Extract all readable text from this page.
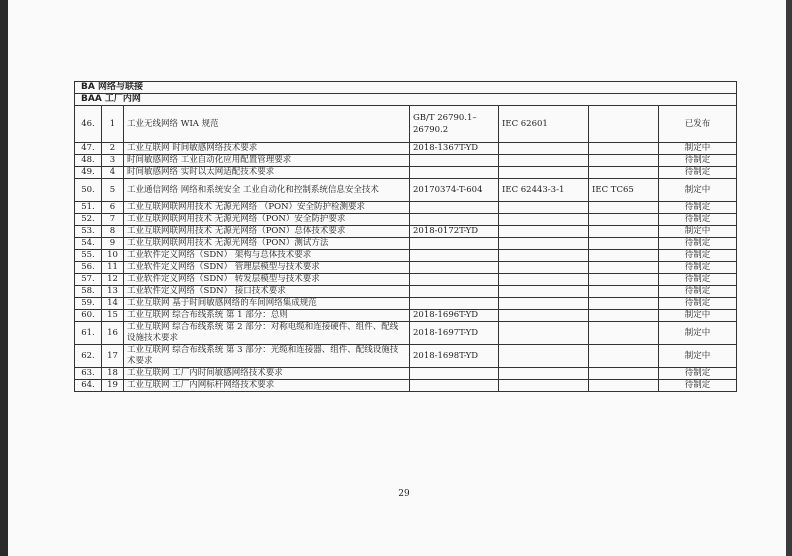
BA 网络与联接						
BAA 工厂内网						
46.	1	工业无线网络 WIA 规范	GB/T 26790.1–26790.2	IEC 62601		已发布
47.	2	工业互联网 时间敏感网络技术要求	2018-1367T-YD			制定中
48.	3	时间敏感网络 工业自动化应用配置管理要求				待制定
49.	4	时间敏感网络 实时以太网适配技术要求				待制定
50.	5	工业通信网络 网络和系统安全 工业自动化和控制系统信息安全技术	20170374-T-604	IEC 62443-3-1	IEC TC65	制定中
51.	6	工业互联网联网用技术 无源光网络 （PON）安全防护检测要求				待制定
52.	7	工业互联网联网用技术 无源光网络（PON）安全防护要求				待制定
53.	8	工业互联网联网用技术 无源光网络（PON）总体技术要求	2018-0172T-YD			制定中
54.	9	工业互联网联网用技术 无源光网络（PON）测试方法				待制定
55.	10	工业软件定义网络（SDN） 架构与总体技术要求				待制定
56.	11	工业软件定义网络（SDN） 管理层模型与技术要求				待制定
57.	12	工业软件定义网络（SDN） 转发层模型与技术要求				待制定
58.	13	工业软件定义网络（SDN） 接口技术要求				待制定
59.	14	工业互联网 基于时间敏感网络的车间网络集成规范				待制定
60.	15	工业互联网 综合布线系统 第 1 部分：总则	2018-1696T-YD			制定中
61.	16	工业互联网 综合布线系统 第 2 部分：对称电缆和连接硬件、组件、配线设施技术要求	2018-1697T-YD			制定中
62.	17	工业互联网 综合布线系统 第 3 部分：光缆和连接器、组件、配线设施技术要求	2018-1698T-YD			制定中
63.	18	工业互联网 工厂内时间敏感网络技术要求				待制定
64.	19	工业互联网 工厂内网标杆网络技术要求				待制定
29
